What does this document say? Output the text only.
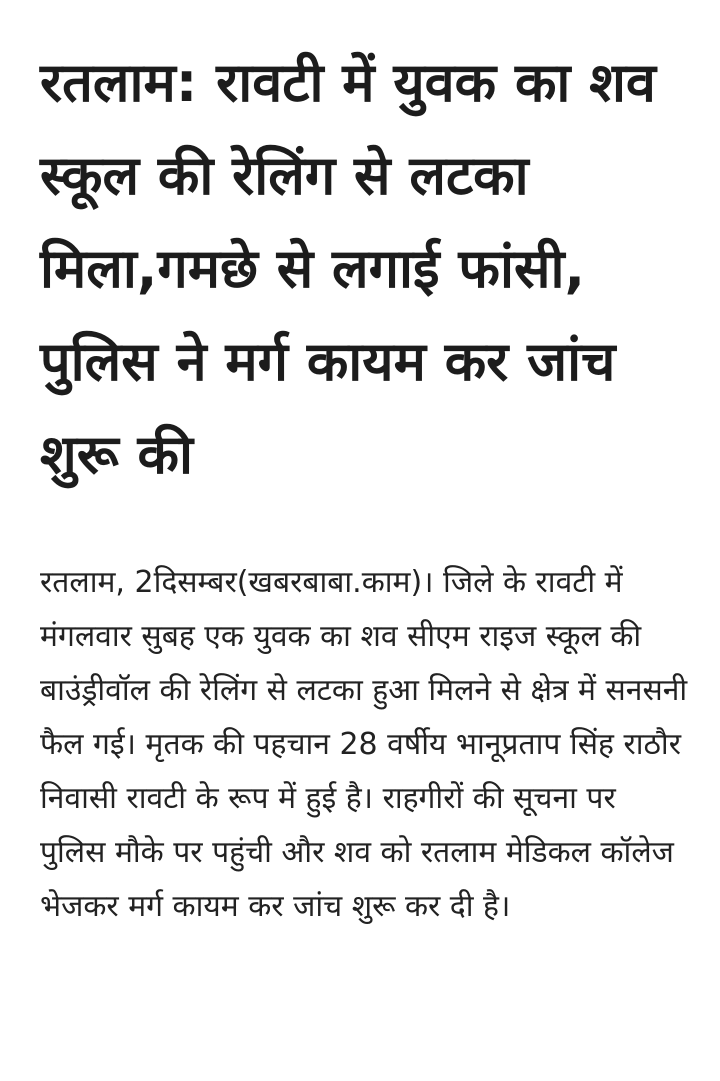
रतलाम: रावटी में युवक का शव स्कूल की रेलिंग से लटका मिला,गमछे से लगाई फांसी, पुलिस ने मर्ग कायम कर जांच शुरू की

रतलाम, 2दिसम्बर(खबरबाबा.काम)। जिले के रावटी में मंगलवार सुबह एक युवक का शव सीएम राइज स्कूल की बाउंड्रीवॉल की रेलिंग से लटका हुआ मिलने से क्षेत्र में सनसनी फैल गई। मृतक की पहचान 28 वर्षीय भानूप्रताप सिंह राठौर निवासी रावटी के रूप में हुई है। राहगीरों की सूचना पर पुलिस मौके पर पहुंची और शव को रतलाम मेडिकल कॉलेज भेजकर मर्ग कायम कर जांच शुरू कर दी है।
